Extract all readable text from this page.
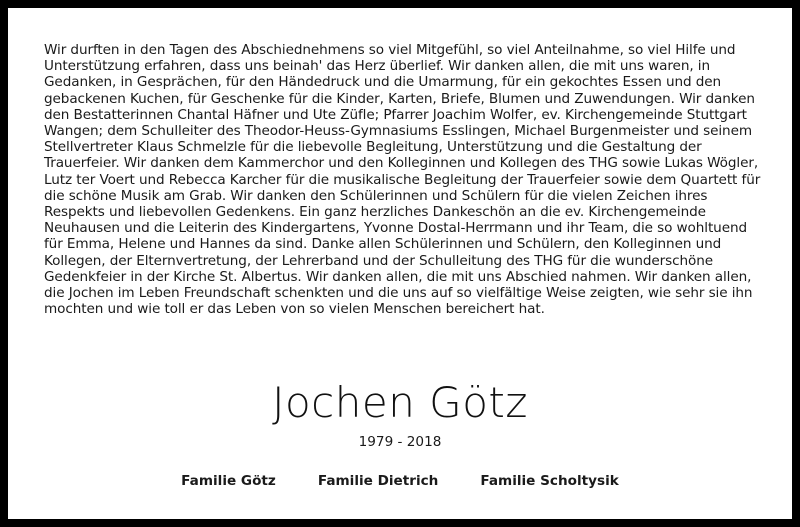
Wir durften in den Tagen des Abschiednehmens so viel Mitgefühl, so viel Anteilnahme, so viel Hilfe und Unterstützung erfahren, dass uns beinah' das Herz überlief. Wir danken allen, die mit uns waren, in Gedanken, in Gesprächen, für den Händedruck und die Umarmung, für ein gekochtes Essen und den gebackenen Kuchen, für Geschenke für die Kinder, Karten, Briefe, Blumen und Zuwendungen. Wir danken den Bestatterinnen Chantal Häfner und Ute Züfle; Pfarrer Joachim Wolfer, ev. Kirchengemeinde Stuttgart Wangen; dem Schulleiter des Theodor-Heuss-Gymnasiums Esslingen, Michael Burgenmeister und seinem Stellvertreter Klaus Schmelzle für die liebevolle Begleitung, Unterstützung und die Gestaltung der Trauerfeier. Wir danken dem Kammerchor und den Kolleginnen und Kollegen des THG sowie Lukas Wögler, Lutz ter Voert und Rebecca Karcher für die musikalische Begleitung der Trauerfeier sowie dem Quartett für die schöne Musik am Grab. Wir danken den Schülerinnen und Schülern für die vielen Zeichen ihres Respekts und liebevollen Gedenkens. Ein ganz herzliches Dankeschön an die ev. Kirchengemeinde Neuhausen und die Leiterin des Kindergartens, Yvonne Dostal-Herrmann und ihr Team, die so wohltuend für Emma, Helene und Hannes da sind. Danke allen Schülerinnen und Schülern, den Kolleginnen und Kollegen, der Elternvertretung, der Lehrerband und der Schulleitung des THG für die wunderschöne Gedenkfeier in der Kirche St. Albertus. Wir danken allen, die mit uns Abschied nahmen. Wir danken allen, die Jochen im Leben Freundschaft schenkten und die uns auf so vielfältige Weise zeigten, wie sehr sie ihn mochten und wie toll er das Leben von so vielen Menschen bereichert hat.

Jochen Götz

1979 - 2018

Familie Götz	Familie Dietrich	Familie Scholtysik
